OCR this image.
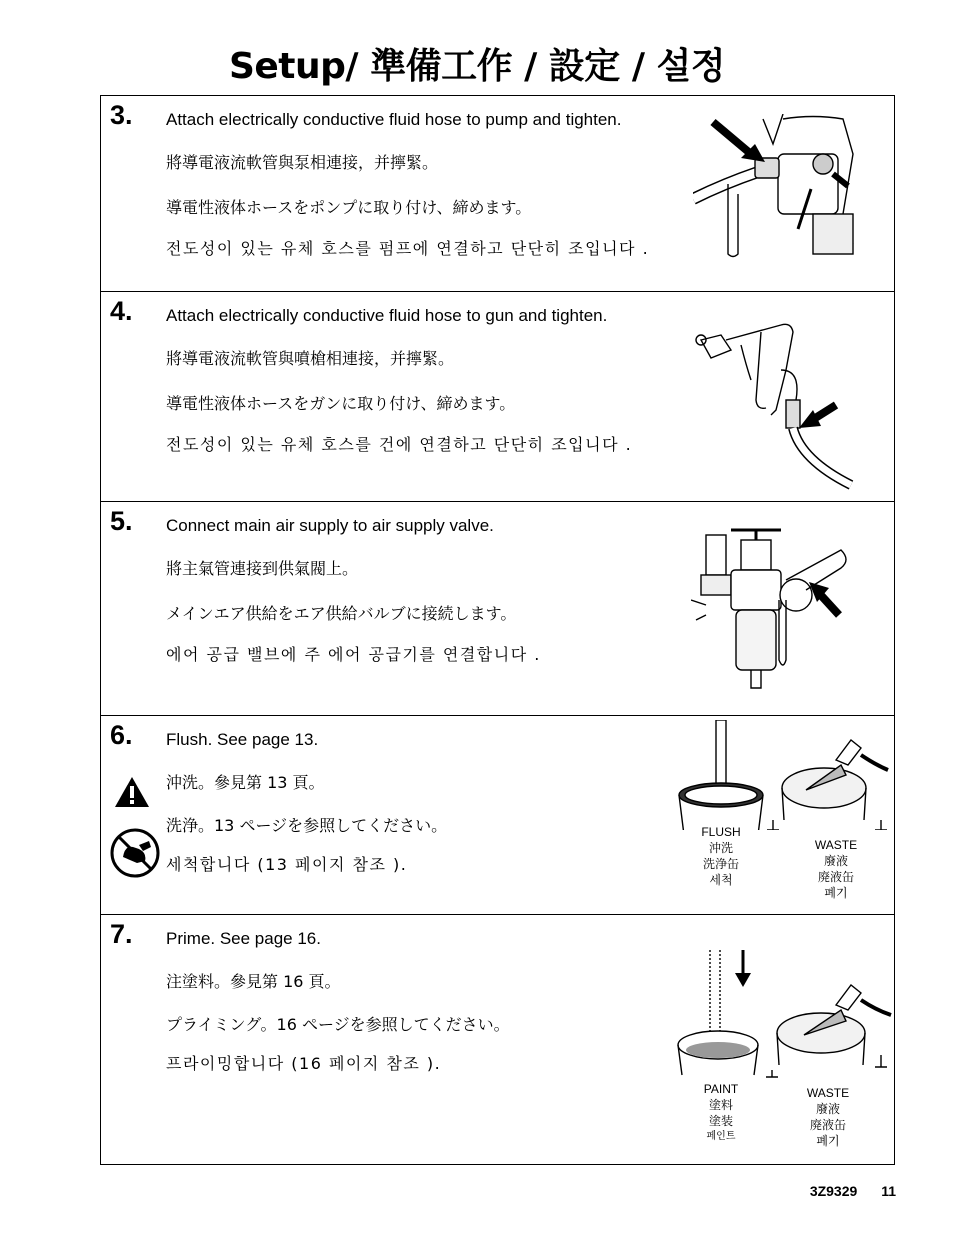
Setup/ 準備工作 / 設定 / 설정
3. Attach electrically conductive fluid hose to pump and tighten.

將導電液流軟管與泵相連接，并擰緊。

導電性液体ホースをポンプに取り付け、締めます。

전도성이 있는 유체 호스를 펌프에 연결하고 단단히 조입니다 .

4. Attach electrically conductive fluid hose to gun and tighten.

將導電液流軟管與噴槍相連接，并擰緊。

導電性液体ホースをガンに取り付け、締めます。

전도성이 있는 유체 호스를 건에 연결하고 단단히 조입니다 .

5. Connect main air supply to air supply valve.

將主氣管連接到供氣閥上。

メインエア供給をエア供給バルブに接続します。

에어 공급 밸브에 주 에어 공급기를 연결합니다 .

6. Flush. See page 13.

沖洗。參見第 13 頁。

洗浄。13 ページを参照してください。

세척합니다 (13 페이지 참조 ).

FLUSH
沖洗
洗浄缶
세척
WASTE
廢液
廃液缶
폐기
7. Prime. See page 16.

注塗料。參見第 16 頁。

プライミング。16 ページを参照してください。

프라이밍합니다 (16 페이지 참조 ).

PAINT
塗料
塗装
페인트
WASTE
廢液
廃液缶
폐기
3Z9329 11
